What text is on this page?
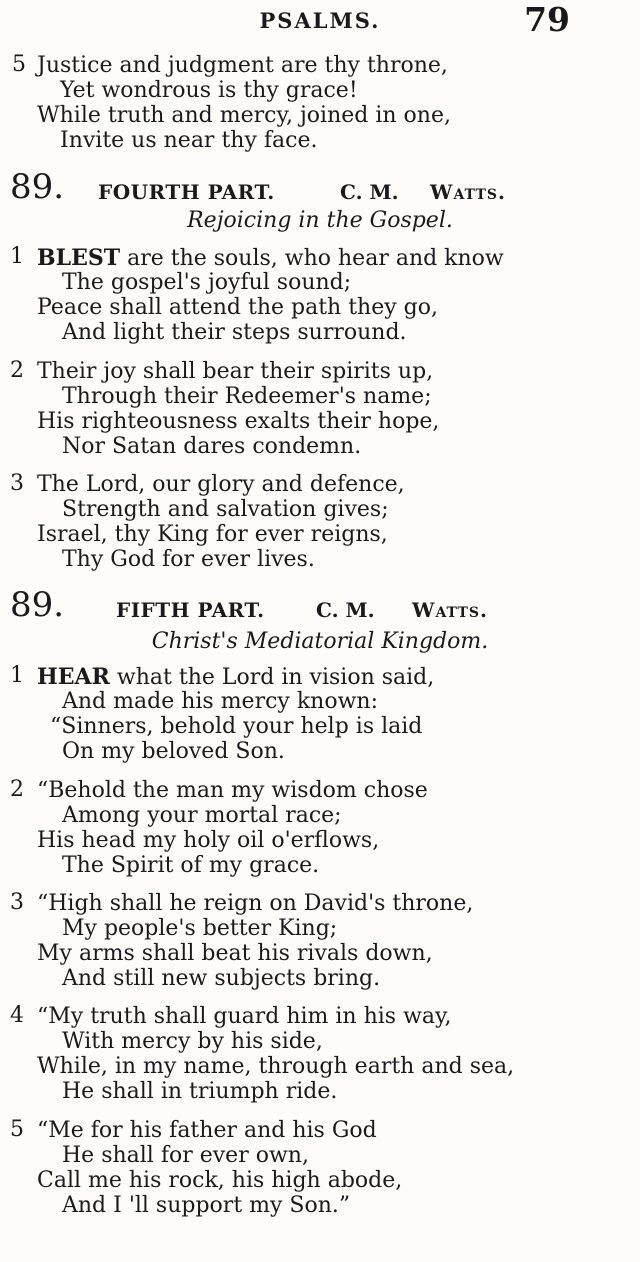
PSALMS.	79
5 Justice and judgment are thy throne,
Yet wondrous is thy grace!
While truth and mercy, joined in one,
Invite us near thy face.
89. FOURTH PART.	C. M. Watts.
Rejoicing in the Gospel.
1 BLEST are the souls, who hear and know
The gospel's joyful sound;
Peace shall attend the path they go,
And light their steps surround.
2 Their joy shall bear their spirits up,
Through their Redeemer's name;
His righteousness exalts their hope,
Nor Satan dares condemn.
3 The Lord, our glory and defence,
Strength and salvation gives;
Israel, thy King for ever reigns,
Thy God for ever lives.
89.	FIFTH PART.	C. M. Watts.
Christ's Mediatorial Kingdom.
1 HEAR what the Lord in vision said,
And made his mercy known:
“Sinners, behold your help is laid
On my beloved Son.
2 “Behold the man my wisdom chose
Among your mortal race;
His head my holy oil o'erflows,
The Spirit of my grace.
3 “High shall he reign on David's throne,
My people's better King;
My arms shall beat his rivals down,
And still new subjects bring.
4 “My truth shall guard him in his way,
With mercy by his side,
While, in my name, through earth and sea,
He shall in triumph ride.
5 “Me for his father and his God
He shall for ever own,
Call me his rock, his high abode,
And I 'll support my Son.”
